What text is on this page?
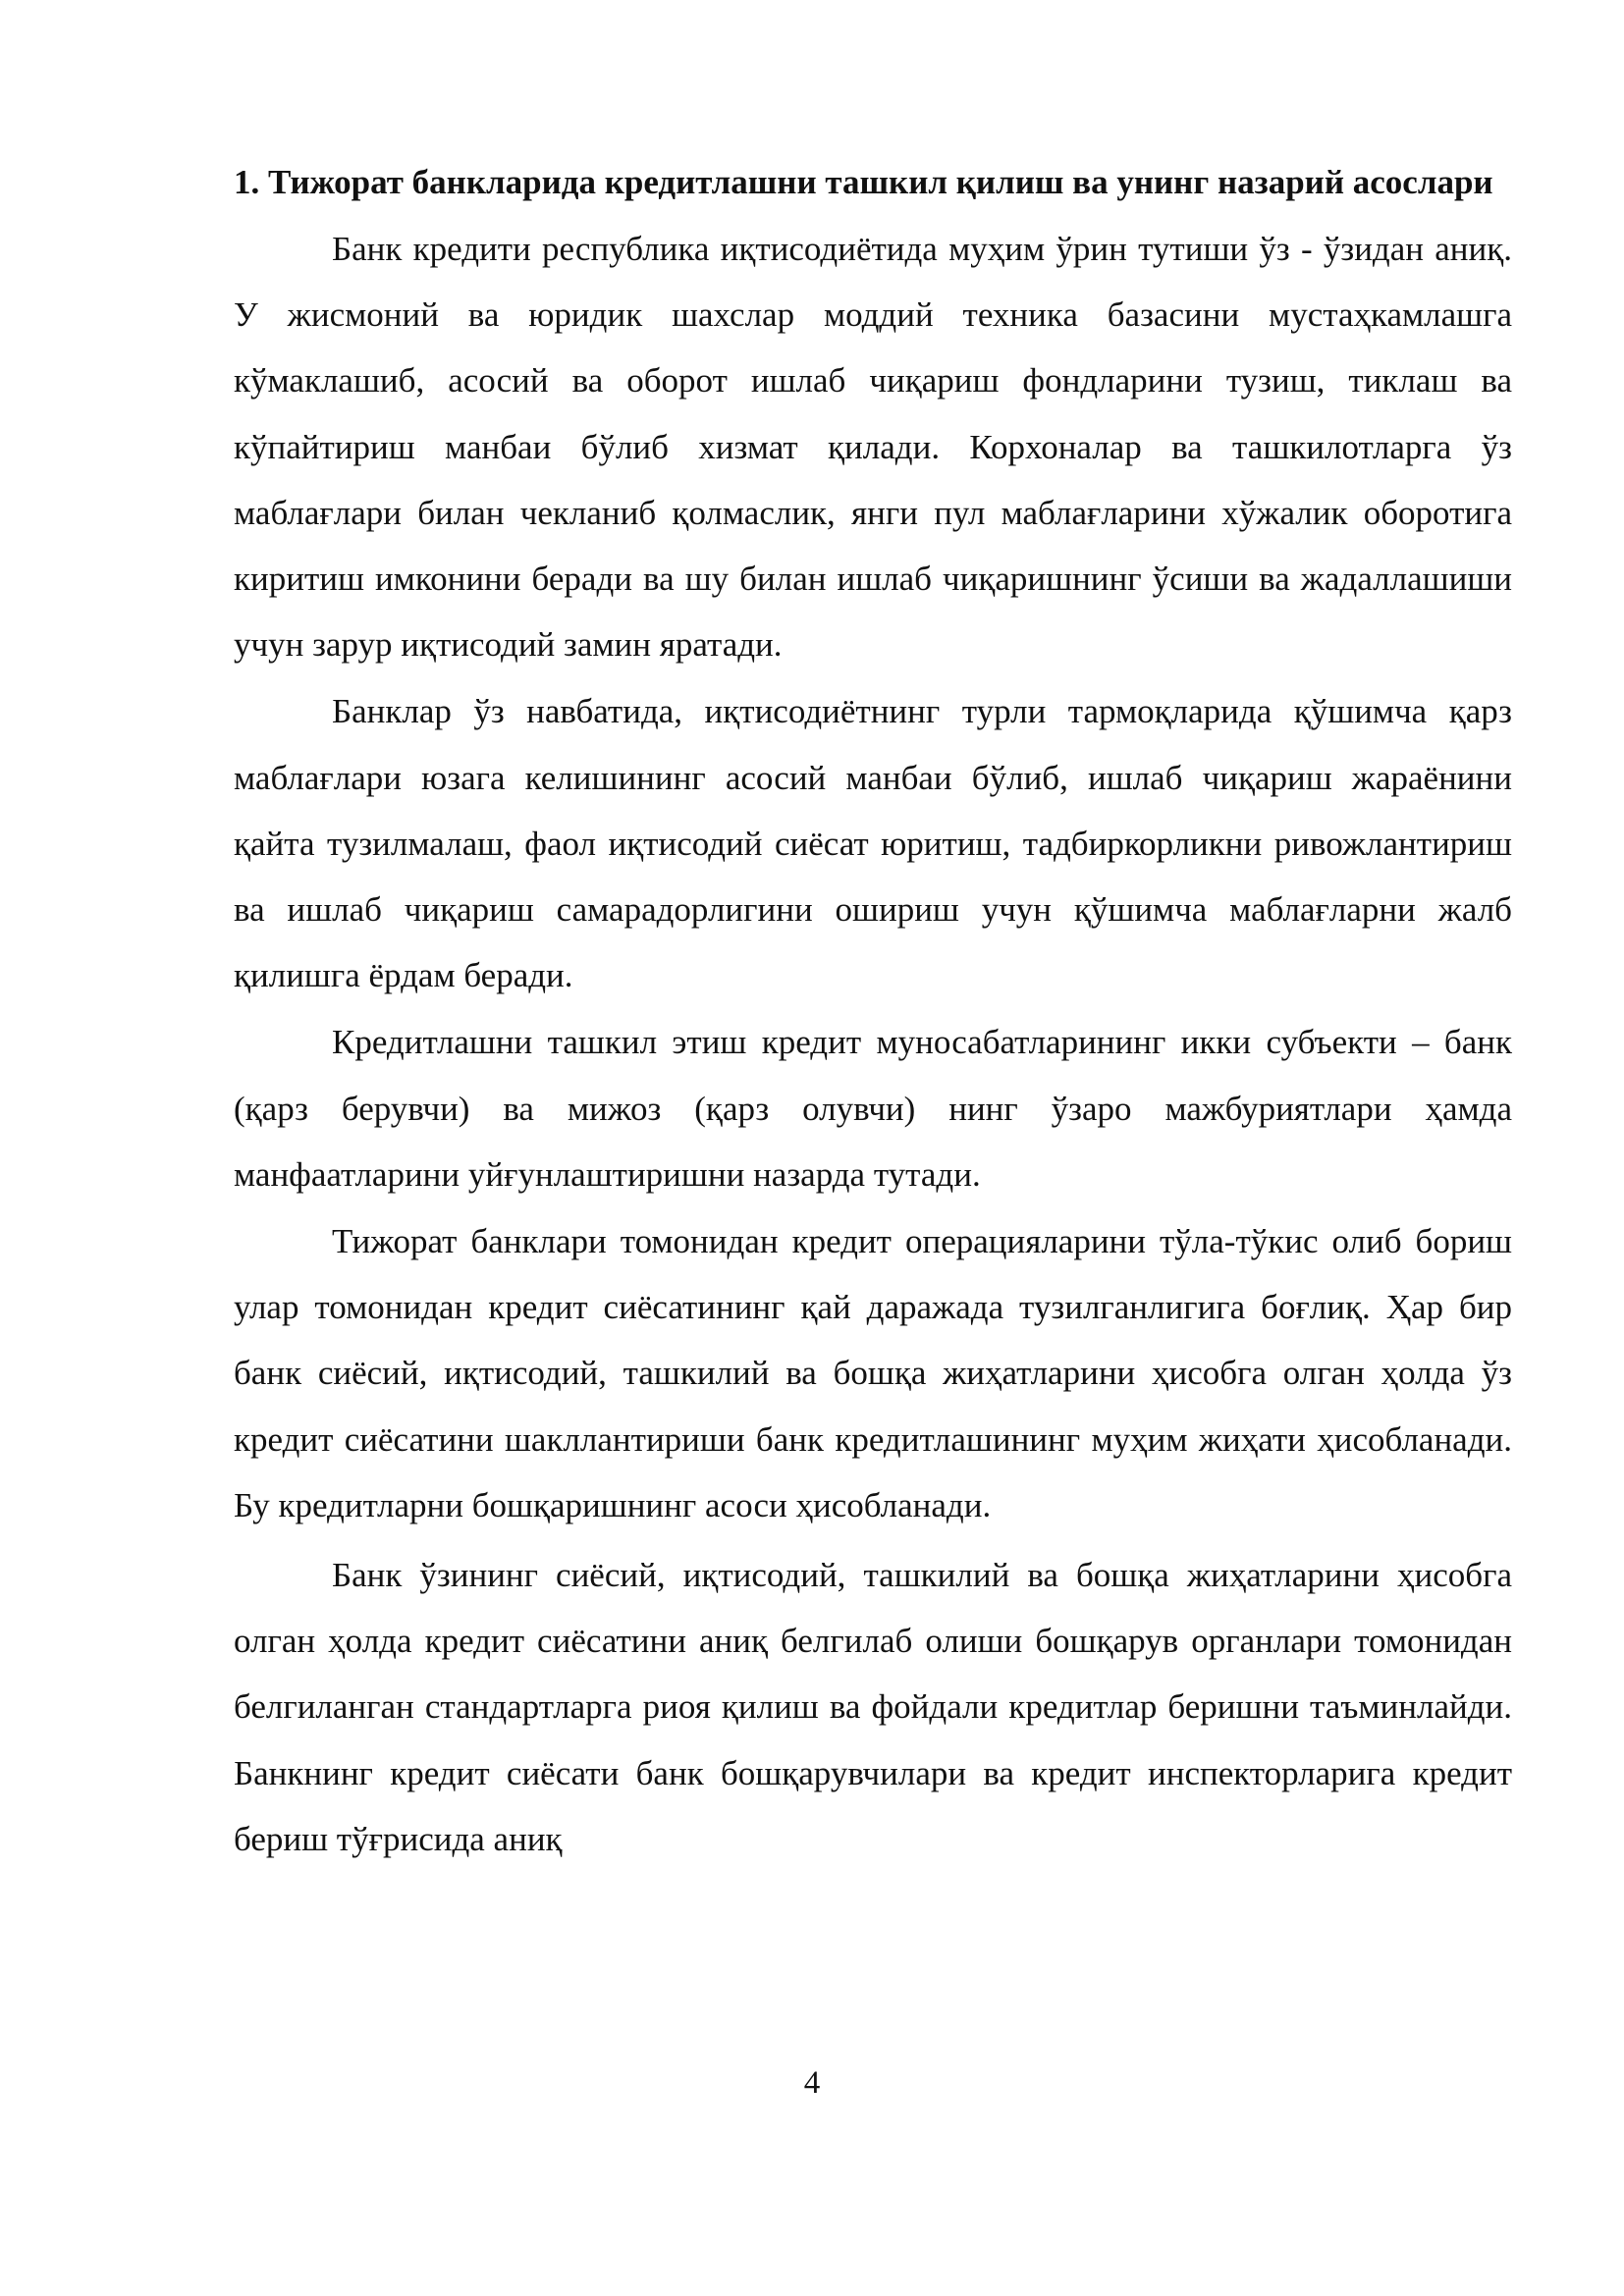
1. Тижорат банкларида кредитлашни ташкил қилиш ва унинг назарий асослари

Банк кредити республика иқтисодиётида муҳим ўрин тутиши ўз - ўзидан аниқ. У жисмоний ва юридик шахслар моддий техника базасини мустаҳкамлашга кўмаклашиб, асосий ва оборот ишлаб чиқариш фондларини тузиш, тиклаш ва кўпайтириш манбаи бўлиб хизмат қилади. Корхоналар ва ташкилотларга ўз маблағлари билан чекланиб қолмаслик, янги пул маблағларини хўжалик оборотига киритиш имконини беради ва шу билан ишлаб чиқаришнинг ўсиши ва жадаллашиши учун зарур иқтисодий замин яратади.

Банклар ўз навбатида, иқтисодиётнинг турли тармоқларида қўшимча қарз маблағлари юзага келишининг асосий манбаи бўлиб, ишлаб чиқариш жараёнини қайта тузилмалаш, фаол иқтисодий сиёсат юритиш, тадбиркорликни ривожлантириш ва ишлаб чиқариш самарадорлигини ошириш учун қўшимча маблағларни жалб қилишга ёрдам беради.

Кредитлашни ташкил этиш кредит муносабатларининг икки субъекти – банк (қарз берувчи) ва мижоз (қарз олувчи) нинг ўзаро мажбуриятлари ҳамда манфаатларини уйғунлаштиришни назарда тутади.

Тижорат банклари томонидан кредит операцияларини тўла-тўкис олиб бориш улар томонидан кредит сиёсатининг қай даражада тузилганлигига боғлиқ. Ҳар бир банк сиёсий, иқтисодий, ташкилий ва бошқа жиҳатларини ҳисобга олган ҳолда ўз кредит сиёсатини шакллантириши банк кредитлашининг муҳим жиҳати ҳисобланади. Бу кредитларни бошқаришнинг асоси ҳисобланади.

Банк ўзининг сиёсий, иқтисодий, ташкилий ва бошқа жиҳатларини ҳисобга олган ҳолда кредит сиёсатини аниқ белгилаб олиши бошқарув органлари томонидан белгиланган стандартларга риоя қилиш ва фойдали кредитлар беришни таъминлайди. Банкнинг кредит сиёсати банк бошқарувчилари ва кредит инспекторларига кредит бериш тўғрисида аниқ

4
